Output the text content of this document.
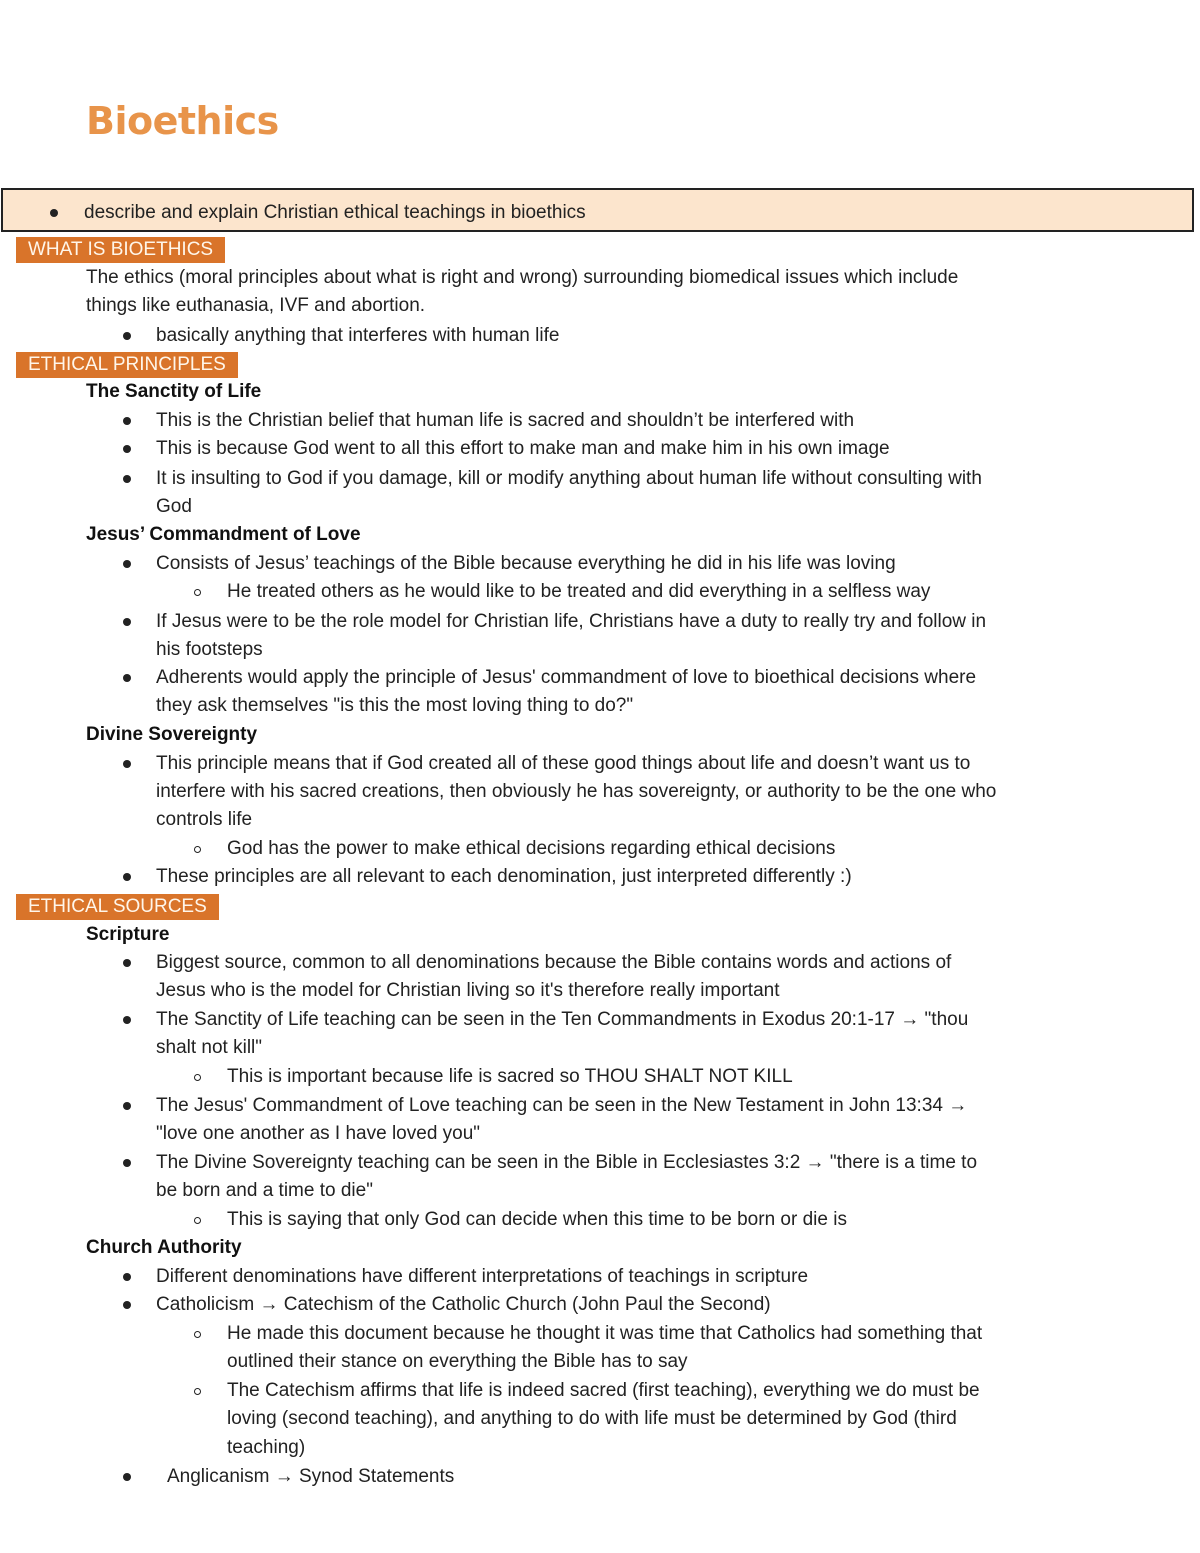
Bioethics
describe and explain Christian ethical teachings in bioethics
WHAT IS BIOETHICS
The ethics (moral principles about what is right and wrong) surrounding biomedical issues which include
things like euthanasia, IVF and abortion.
basically anything that interferes with human life
ETHICAL PRINCIPLES
The Sanctity of Life
This is the Christian belief that human life is sacred and shouldn’t be interfered with
This is because God went to all this effort to make man and make him in his own image
It is insulting to God if you damage, kill or modify anything about human life without consulting with
God
Jesus’ Commandment of Love
Consists of Jesus’ teachings of the Bible because everything he did in his life was loving
He treated others as he would like to be treated and did everything in a selfless way
If Jesus were to be the role model for Christian life, Christians have a duty to really try and follow in
his footsteps
Adherents would apply the principle of Jesus' commandment of love to bioethical decisions where
they ask themselves "is this the most loving thing to do?"
Divine Sovereignty
This principle means that if God created all of these good things about life and doesn’t want us to
interfere with his sacred creations, then obviously he has sovereignty, or authority to be the one who
controls life
God has the power to make ethical decisions regarding ethical decisions
These principles are all relevant to each denomination, just interpreted differently :)
ETHICAL SOURCES
Scripture
Biggest source, common to all denominations because the Bible contains words and actions of
Jesus who is the model for Christian living so it's therefore really important
The Sanctity of Life teaching can be seen in the Ten Commandments in Exodus 20:1-17 → "thou
shalt not kill"
This is important because life is sacred so THOU SHALT NOT KILL
The Jesus' Commandment of Love teaching can be seen in the New Testament in John 13:34 →
"love one another as I have loved you"
The Divine Sovereignty teaching can be seen in the Bible in Ecclesiastes 3:2 → "there is a time to
be born and a time to die"
This is saying that only God can decide when this time to be born or die is
Church Authority
Different denominations have different interpretations of teachings in scripture
Catholicism → Catechism of the Catholic Church (John Paul the Second)
He made this document because he thought it was time that Catholics had something that
outlined their stance on everything the Bible has to say
The Catechism affirms that life is indeed sacred (first teaching), everything we do must be
loving (second teaching), and anything to do with life must be determined by God (third
teaching)
Anglicanism → Synod Statements
